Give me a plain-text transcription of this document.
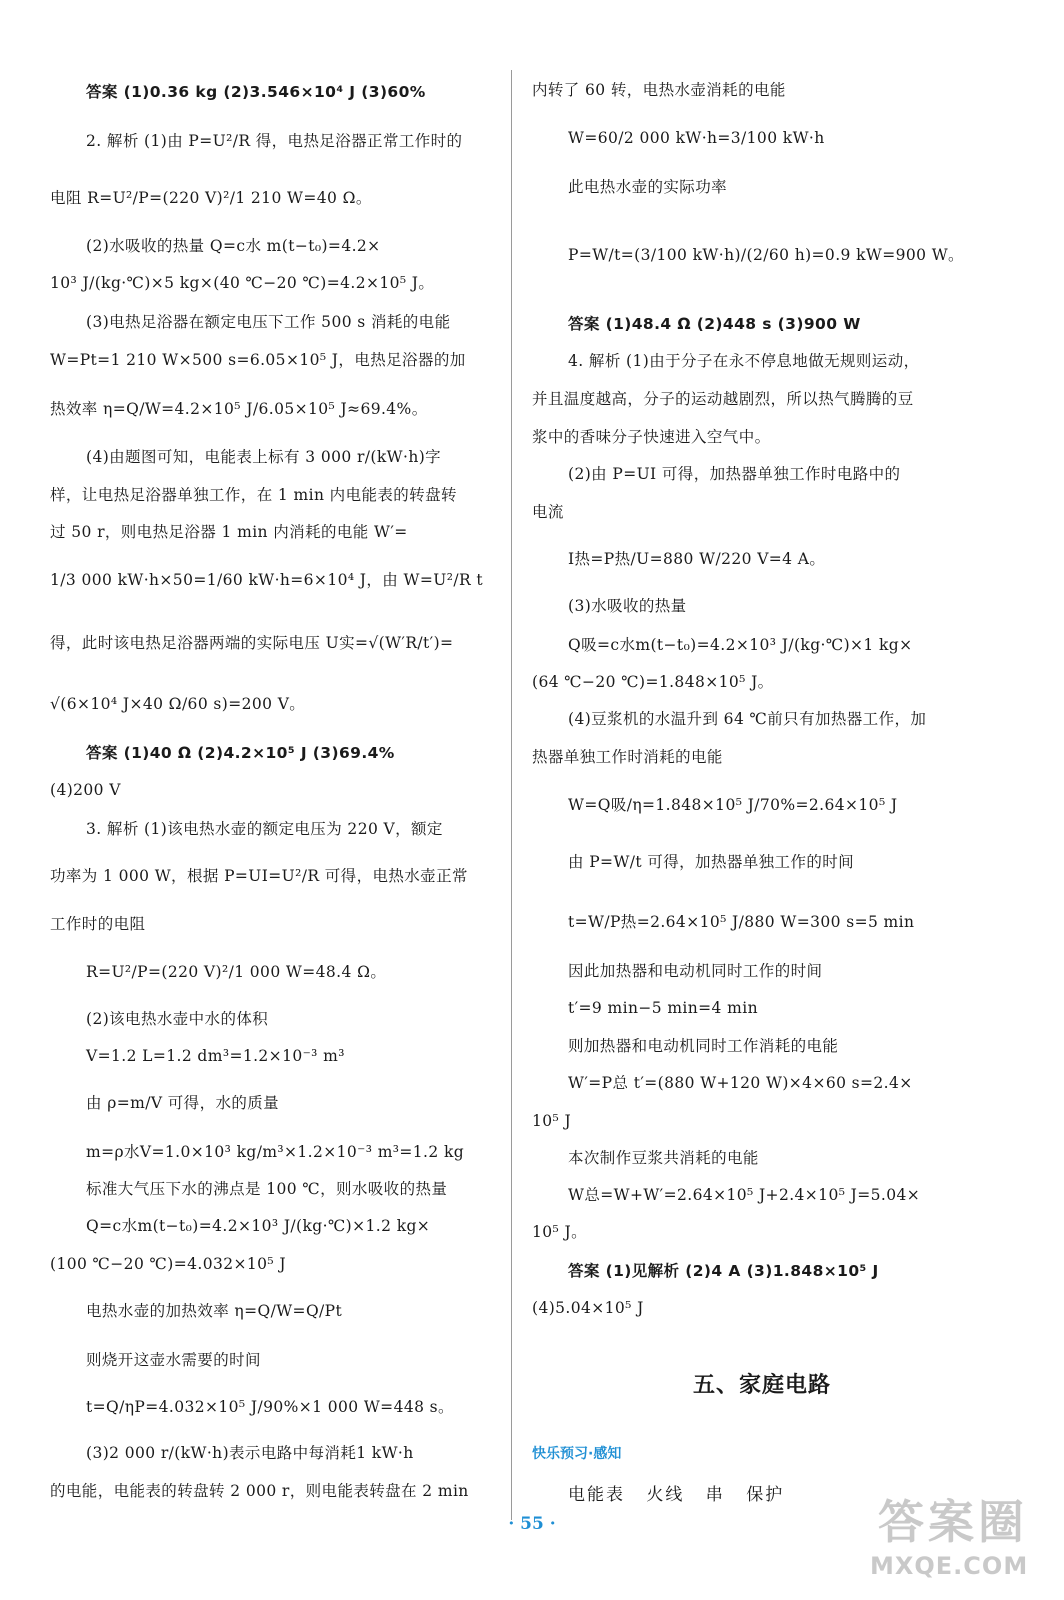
答案 (1)0.36 kg (2)3.546×10⁴ J (3)60%
2. 解析 (1)由 P=U²/R 得，电热足浴器正常工作时的
电阻 R=U²/P=(220 V)²/1 210 W=40 Ω。
(2)水吸收的热量 Q=c水 m(t−t₀)=4.2×
10³ J/(kg·℃)×5 kg×(40 ℃−20 ℃)=4.2×10⁵ J。
(3)电热足浴器在额定电压下工作 500 s 消耗的电能
W=Pt=1 210 W×500 s=6.05×10⁵ J，电热足浴器的加
热效率 η=Q/W=4.2×10⁵ J/6.05×10⁵ J≈69.4%。
(4)由题图可知，电能表上标有 3 000 r/(kW·h)字
样，让电热足浴器单独工作，在 1 min 内电能表的转盘转
过 50 r，则电热足浴器 1 min 内消耗的电能 W′=
1/3 000 kW·h×50=1/60 kW·h=6×10⁴ J，由 W=U²/R t
得，此时该电热足浴器两端的实际电压 U实=√(W′R/t′)=
√(6×10⁴ J×40 Ω/60 s)=200 V。
答案 (1)40 Ω (2)4.2×10⁵ J (3)69.4%
(4)200 V
3. 解析 (1)该电热水壶的额定电压为 220 V，额定
功率为 1 000 W，根据 P=UI=U²/R 可得，电热水壶正常
工作时的电阻
R=U²/P=(220 V)²/1 000 W=48.4 Ω。
(2)该电热水壶中水的体积
V=1.2 L=1.2 dm³=1.2×10⁻³ m³
由 ρ=m/V 可得，水的质量
m=ρ水V=1.0×10³ kg/m³×1.2×10⁻³ m³=1.2 kg
标准大气压下水的沸点是 100 ℃，则水吸收的热量
Q=c水m(t−t₀)=4.2×10³ J/(kg·℃)×1.2 kg×
(100 ℃−20 ℃)=4.032×10⁵ J
电热水壶的加热效率 η=Q/W=Q/Pt
则烧开这壶水需要的时间
t=Q/ηP=4.032×10⁵ J/90%×1 000 W=448 s。
(3)2 000 r/(kW·h)表示电路中每消耗1 kW·h
的电能，电能表的转盘转 2 000 r，则电能表转盘在 2 min
内转了 60 转，电热水壶消耗的电能
W=60/2 000 kW·h=3/100 kW·h
此电热水壶的实际功率
P=W/t=(3/100 kW·h)/(2/60 h)=0.9 kW=900 W。
答案 (1)48.4 Ω (2)448 s (3)900 W
4. 解析 (1)由于分子在永不停息地做无规则运动，
并且温度越高，分子的运动越剧烈，所以热气腾腾的豆
浆中的香味分子快速进入空气中。
(2)由 P=UI 可得，加热器单独工作时电路中的
电流
I热=P热/U=880 W/220 V=4 A。
(3)水吸收的热量
Q吸=c水m(t−t₀)=4.2×10³ J/(kg·℃)×1 kg×
(64 ℃−20 ℃)=1.848×10⁵ J。
(4)豆浆机的水温升到 64 ℃前只有加热器工作，加
热器单独工作时消耗的电能
W=Q吸/η=1.848×10⁵ J/70%=2.64×10⁵ J
由 P=W/t 可得，加热器单独工作的时间
t=W/P热=2.64×10⁵ J/880 W=300 s=5 min
因此加热器和电动机同时工作的时间
t′=9 min−5 min=4 min
则加热器和电动机同时工作消耗的电能
W′=P总 t′=(880 W+120 W)×4×60 s=2.4×
10⁵ J
本次制作豆浆共消耗的电能
W总=W+W′=2.64×10⁵ J+2.4×10⁵ J=5.04×
10⁵ J。
答案 (1)见解析 (2)4 A (3)1.848×10⁵ J
(4)5.04×10⁵ J
五、家庭电路
快乐预习·感知
电能表 火线 串 保护
· 55 ·	答案圈
MXQE.COM
